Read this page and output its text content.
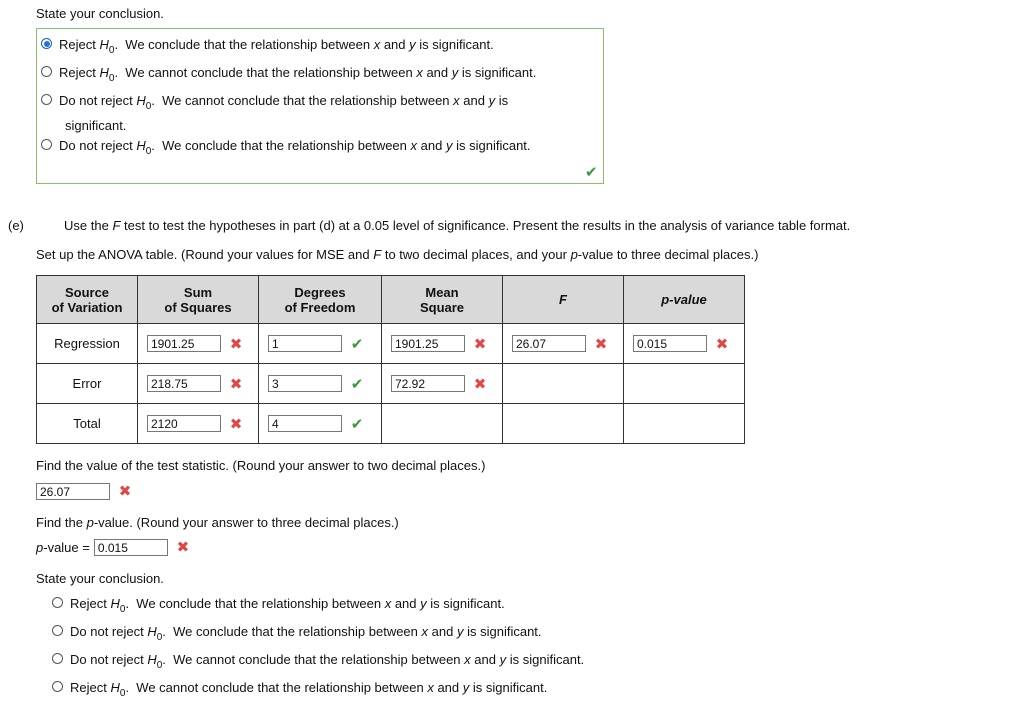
State your conclusion.
Reject $H_0$. We conclude that the relationship between x and y is significant.
Reject $H_0$. We cannot conclude that the relationship between x and y is significant.
Do not reject $H_0$. We cannot conclude that the relationship between x and y is
significant.
Do not reject $H_0$. We conclude that the relationship between x and y is significant.
✔
(e)	Use the F test to test the hypotheses in part (d) at a 0.05 level of significance. Present the results in the analysis of variance table format.
Set up the ANOVA table. (Round your values for MSE and F to two decimal places, and your p-value to three decimal places.)
Source
of Variation	Sum
of Squares	Degrees
of Freedom	Mean
Square	F	p-value

Regression	1901.25 ✖	1 ✔	1901.25 ✖	26.07 ✖	0.015 ✖

Error	218.75 ✖	3 ✔	72.92 ✖		

Total	2120 ✖	4 ✔			

Find the value of the test statistic. (Round your answer to two decimal places.)
26.07	✖
Find the p-value. (Round your answer to three decimal places.)
p -value = 0.015	✖
State your conclusion.
Reject $H_0$. We conclude that the relationship between x and y is significant.
Do not reject $H_0$. We conclude that the relationship between x and y is significant.
Do not reject $H_0$. We cannot conclude that the relationship between x and y is significant.
Reject $H_0$. We cannot conclude that the relationship between x and y is significant.
